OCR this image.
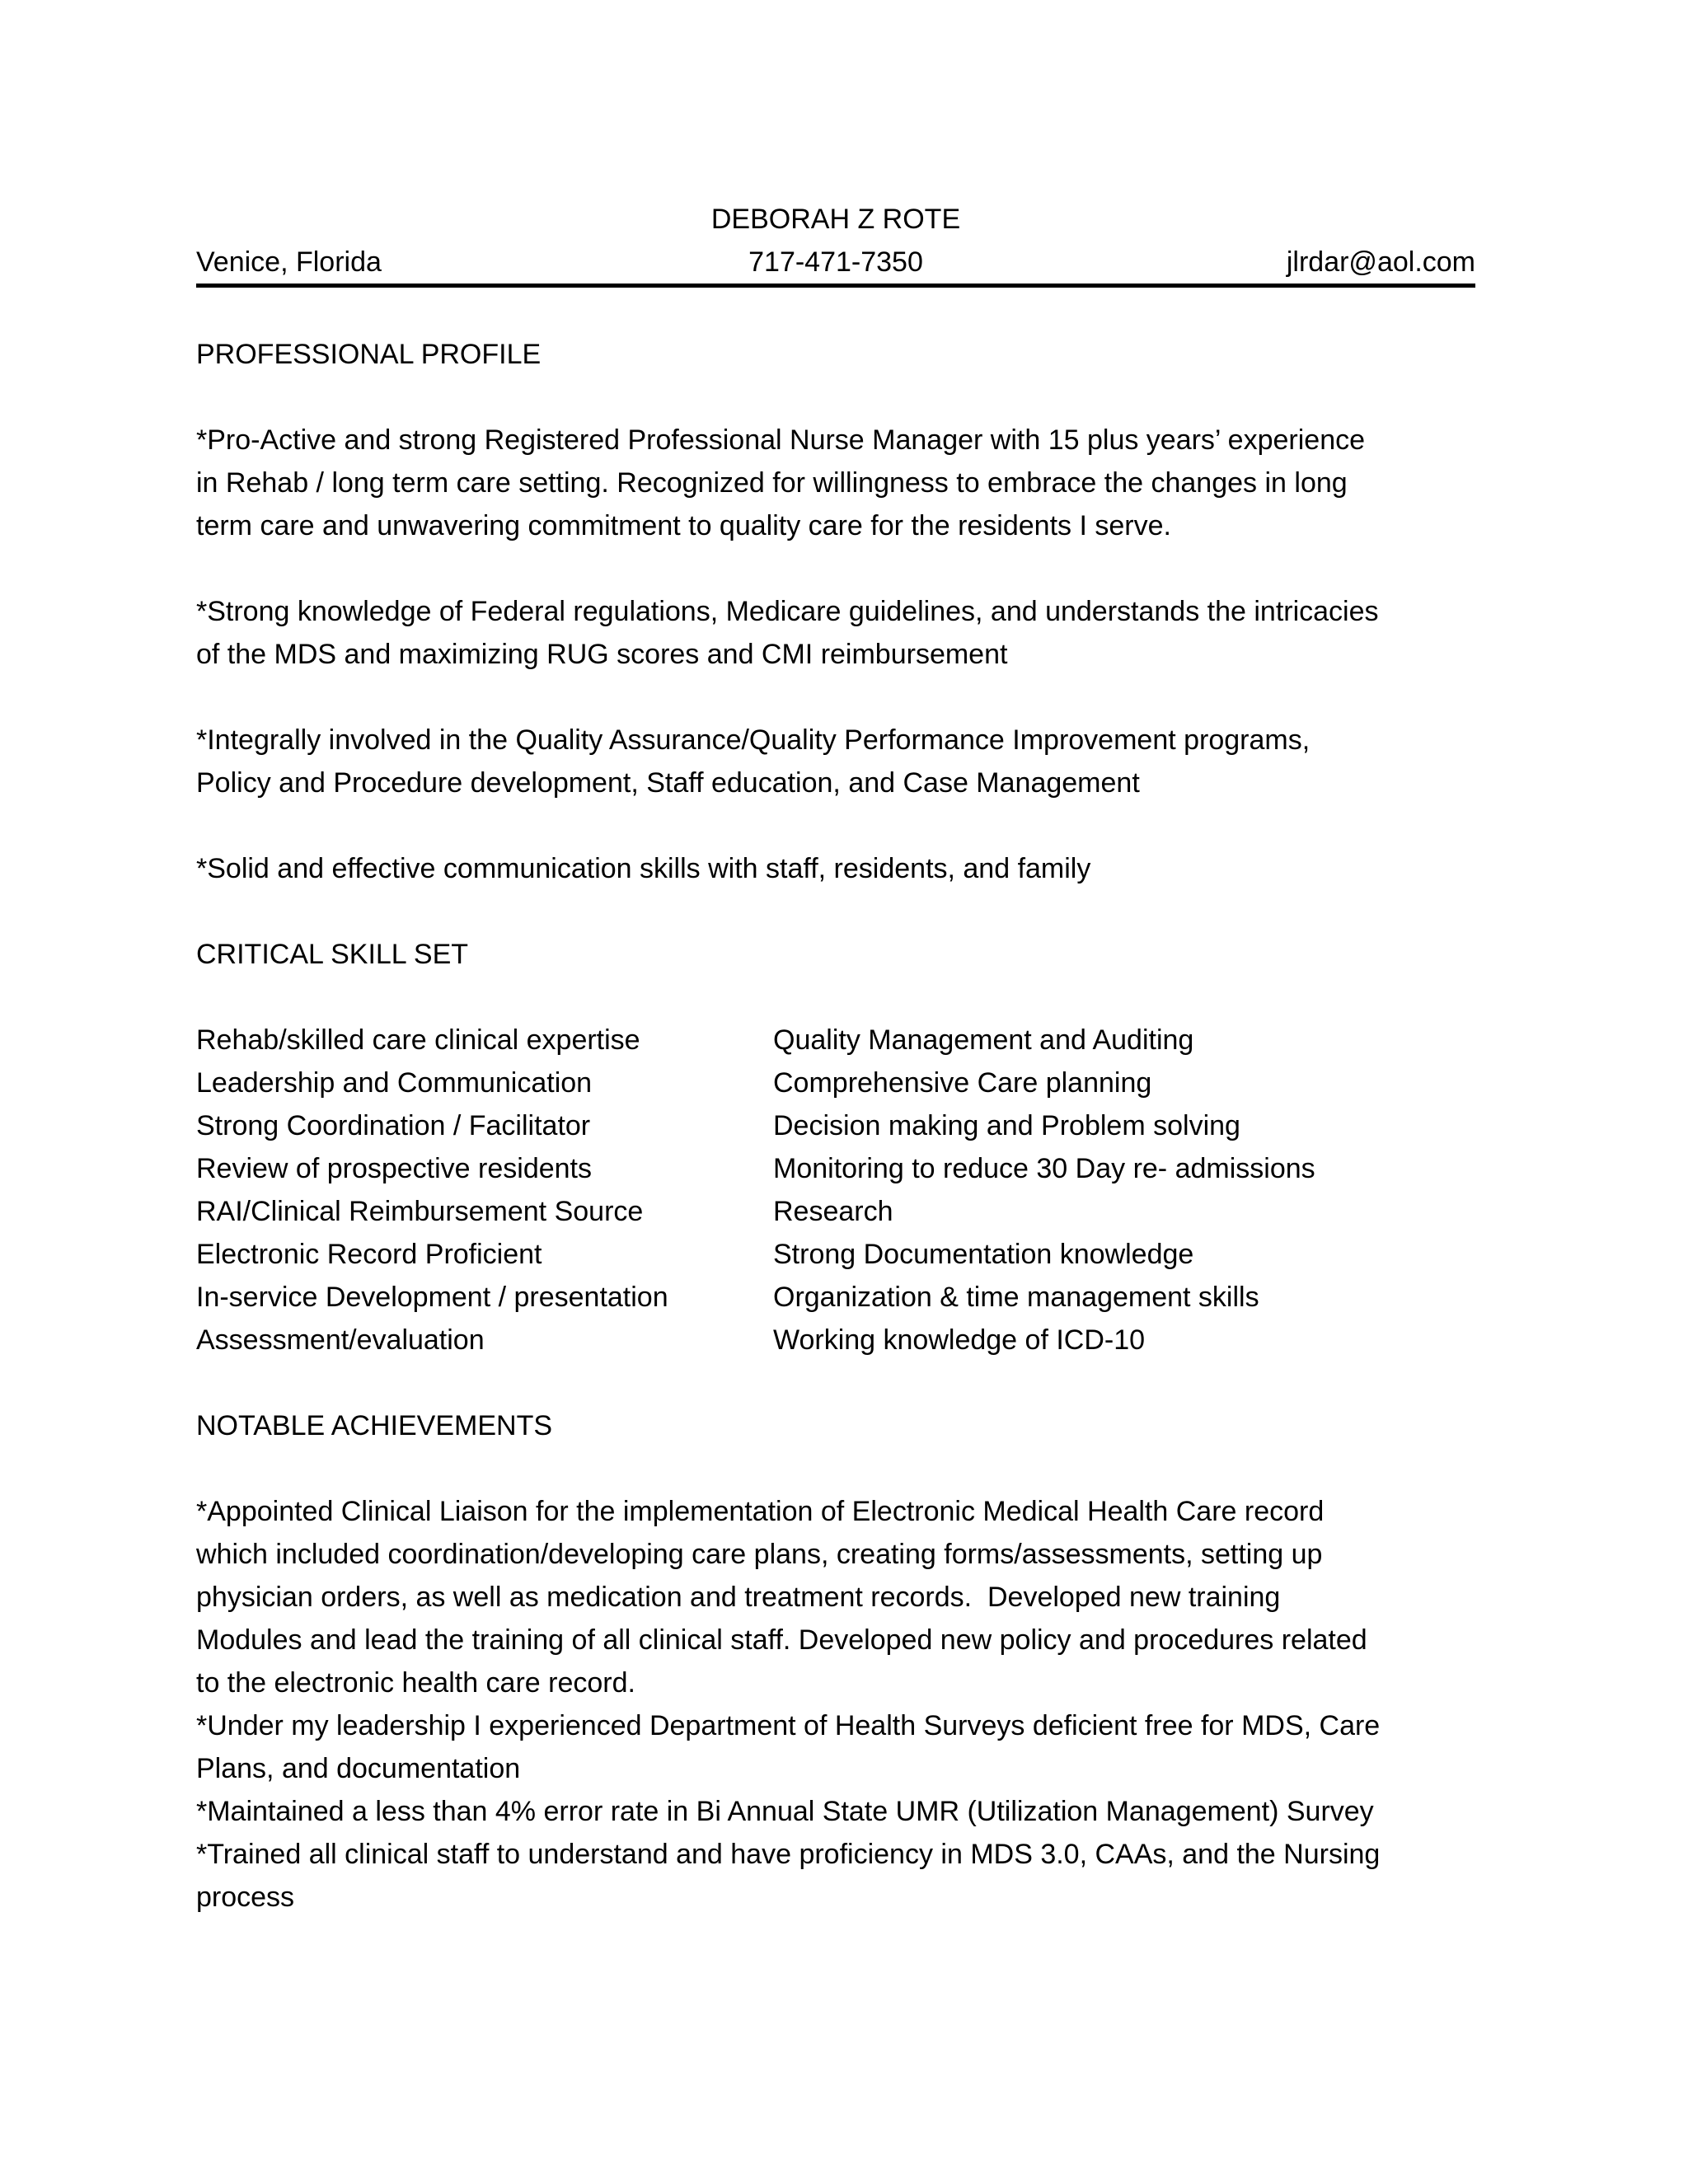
DEBORAH Z ROTE
Venice, Florida	717-471-7350	jlrdar@aol.com

PROFESSIONAL PROFILE

*Pro-Active and strong Registered Professional Nurse Manager with 15 plus years’ experience

in Rehab / long term care setting. Recognized for willingness to embrace the changes in long

term care and unwavering commitment to quality care for the residents I serve.

*Strong knowledge of Federal regulations, Medicare guidelines, and understands the intricacies

of the MDS and maximizing RUG scores and CMI reimbursement

*Integrally involved in the Quality Assurance/Quality Performance Improvement programs,

Policy and Procedure development, Staff education, and Case Management

*Solid and effective communication skills with staff, residents, and family

CRITICAL SKILL SET

Rehab/skilled care clinical expertise	Quality Management and Auditing
Leadership and Communication	Comprehensive Care planning
Strong Coordination / Facilitator	Decision making and Problem solving
Review of prospective residents	Monitoring to reduce 30 Day re- admissions
RAI/Clinical Reimbursement Source	Research
Electronic Record Proficient	Strong Documentation knowledge
In-service Development / presentation	Organization & time management skills
Assessment/evaluation	Working knowledge of ICD-10

NOTABLE ACHIEVEMENTS

*Appointed Clinical Liaison for the implementation of Electronic Medical Health Care record

which included coordination/developing care plans, creating forms/assessments, setting up

physician orders, as well as medication and treatment records.  Developed new training

Modules and lead the training of all clinical staff. Developed new policy and procedures related

to the electronic health care record.

*Under my leadership I experienced Department of Health Surveys deficient free for MDS, Care

Plans, and documentation

*Maintained a less than 4% error rate in Bi Annual State UMR (Utilization Management) Survey

*Trained all clinical staff to understand and have proficiency in MDS 3.0, CAAs, and the Nursing

process
